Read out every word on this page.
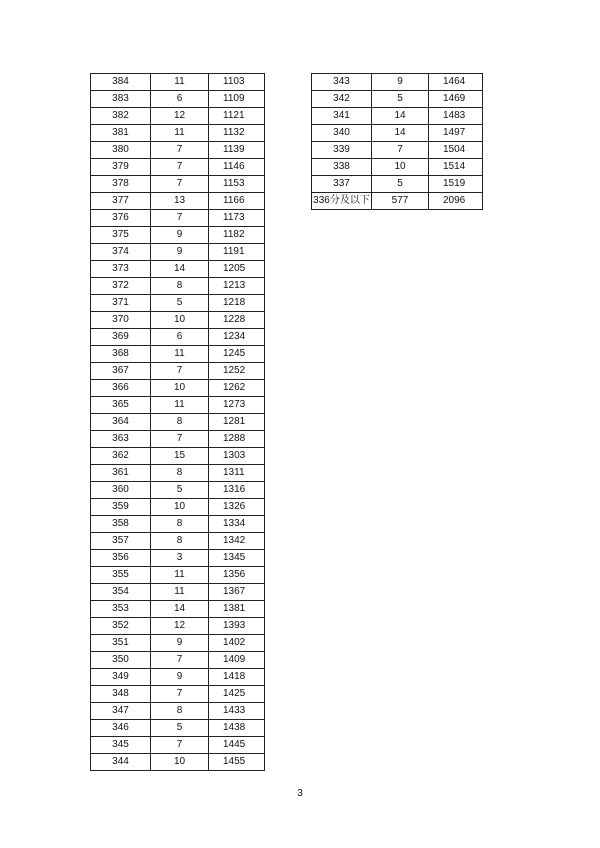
384	11	1103
383	6	1109
382	12	1121
381	11	1132
380	7	1139
379	7	1146
378	7	1153
377	13	1166
376	7	1173
375	9	1182
374	9	1191
373	14	1205
372	8	1213
371	5	1218
370	10	1228
369	6	1234
368	11	1245
367	7	1252
366	10	1262
365	11	1273
364	8	1281
363	7	1288
362	15	1303
361	8	1311
360	5	1316
359	10	1326
358	8	1334
357	8	1342
356	3	1345
355	11	1356
354	11	1367
353	14	1381
352	12	1393
351	9	1402
350	7	1409
349	9	1418
348	7	1425
347	8	1433
346	5	1438
345	7	1445
344	10	1455
343	9	1464
342	5	1469
341	14	1483
340	14	1497
339	7	1504
338	10	1514
337	5	1519
336分及以下	577	2096
3
